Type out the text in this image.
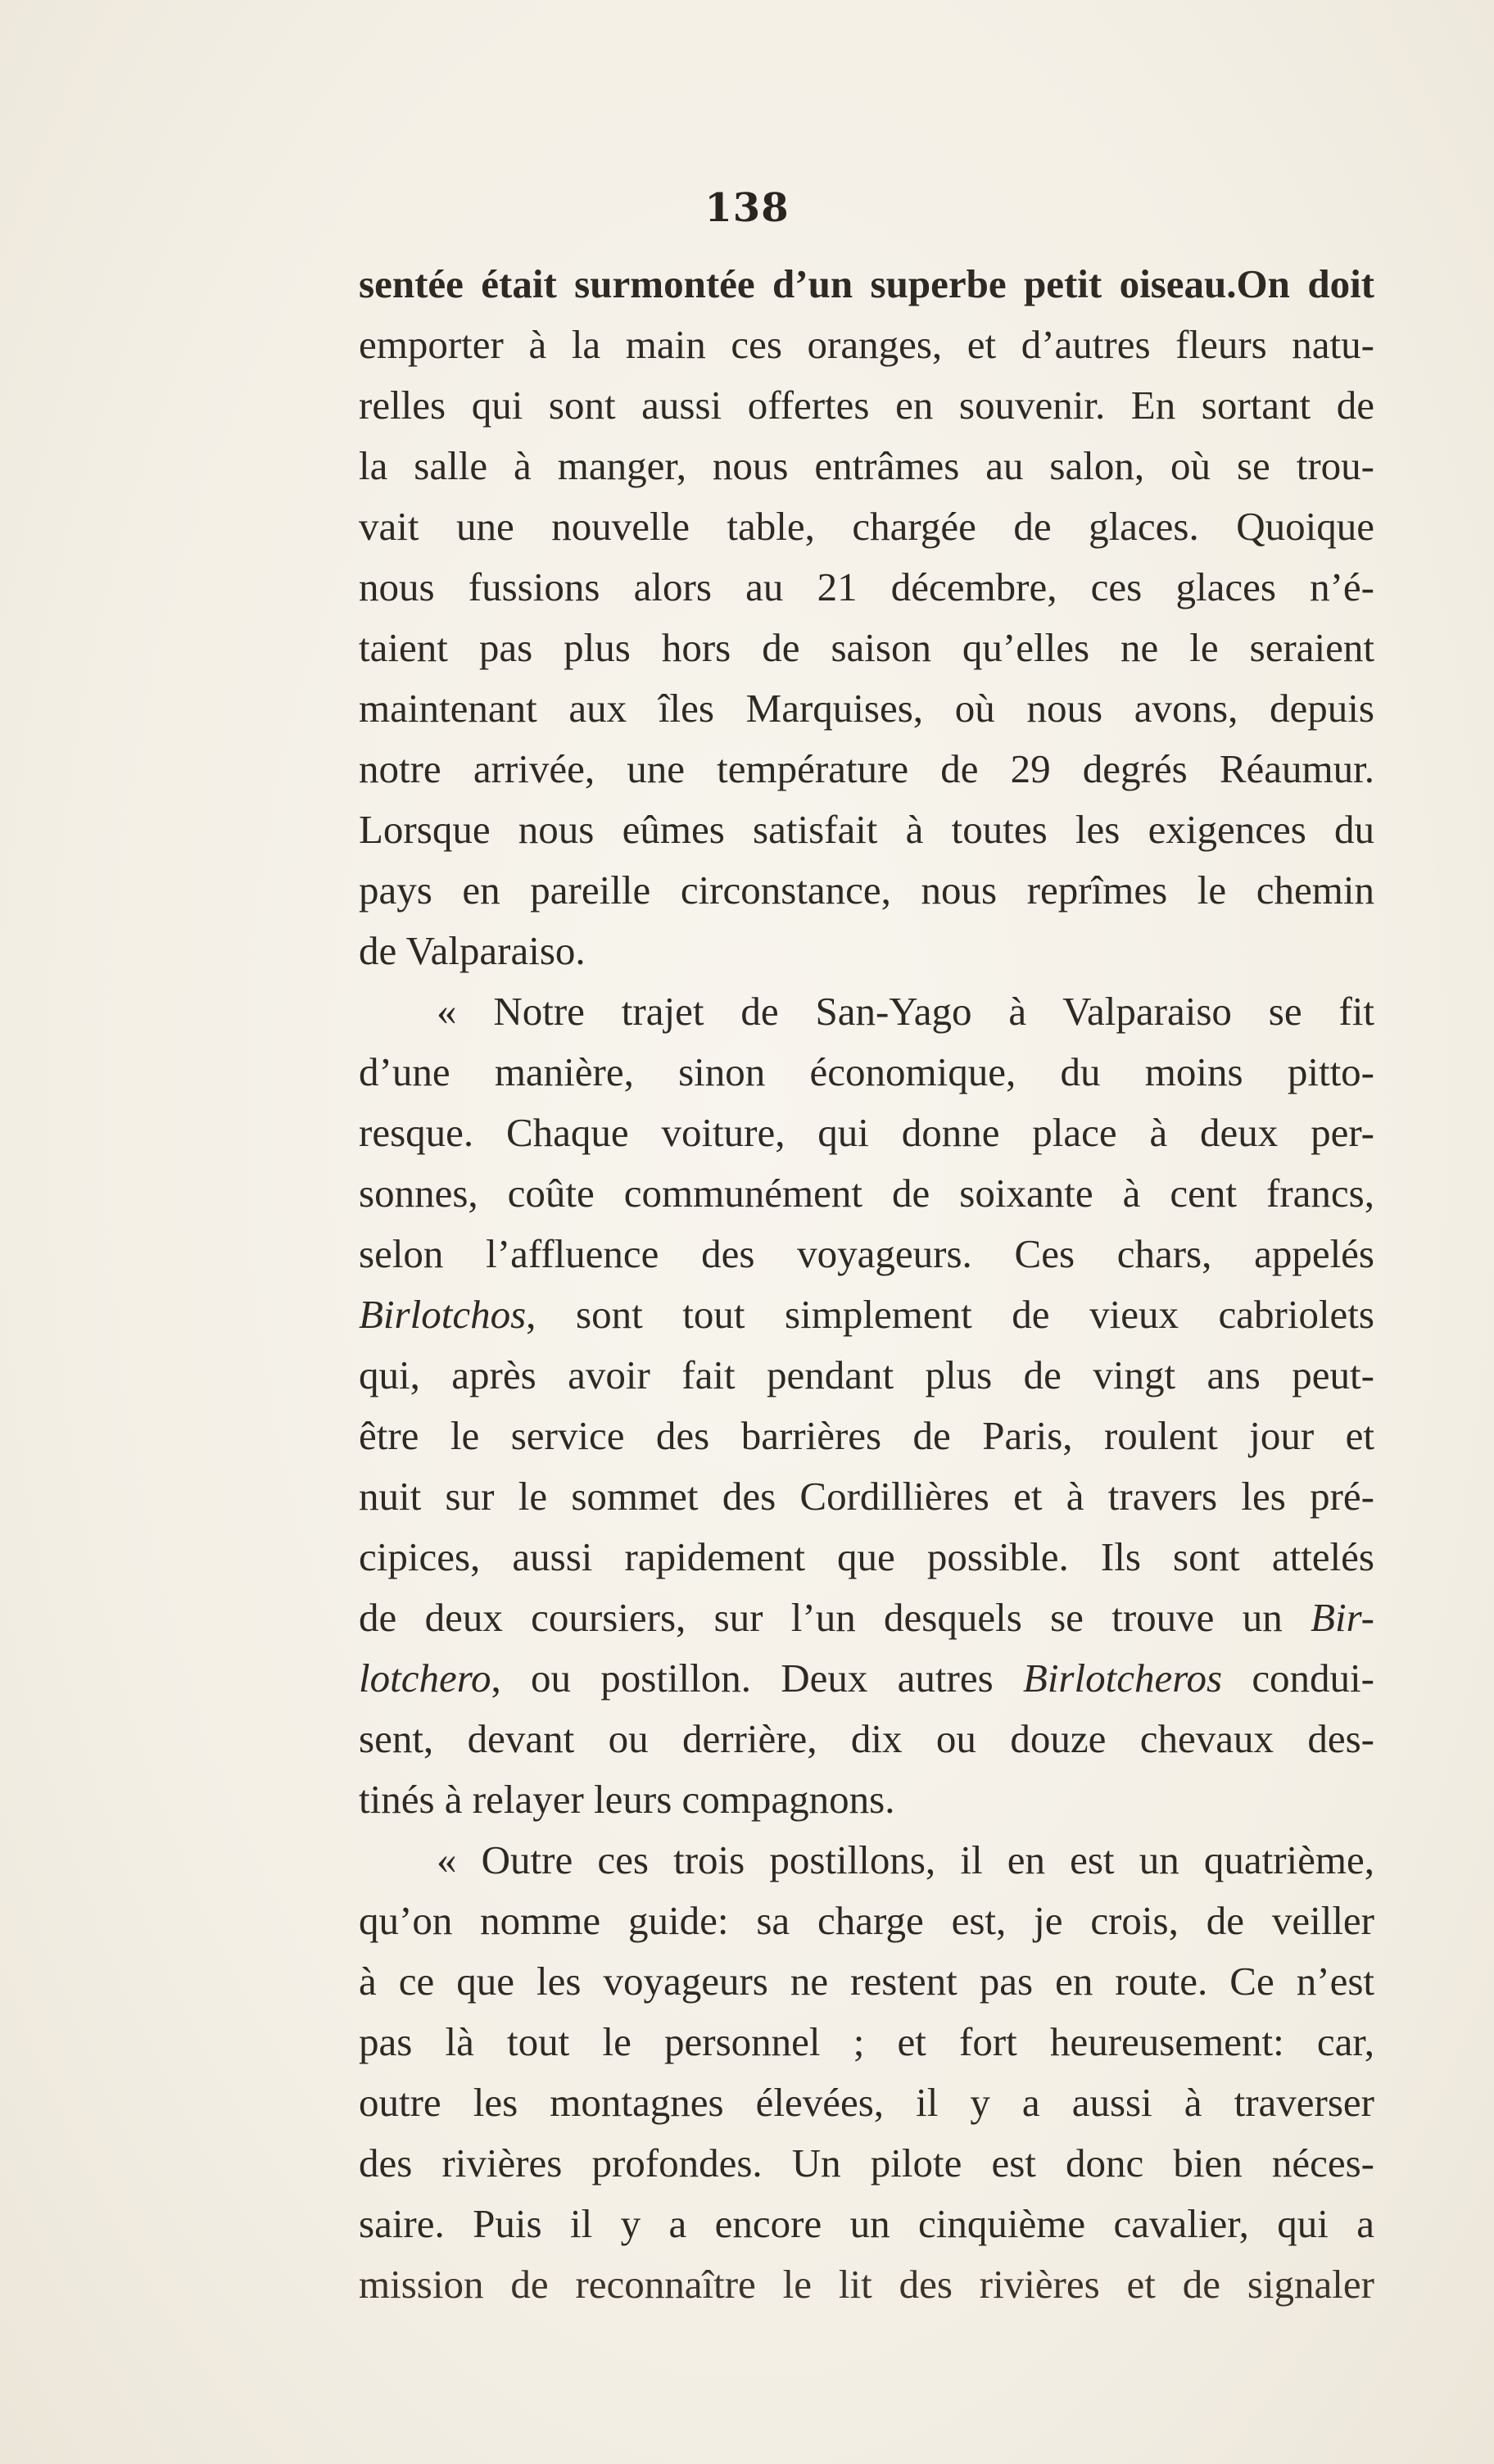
138
sentée était surmontée d’un superbe petit oiseau.On doit
emporter à la main ces oranges, et d’autres fleurs natu-
relles qui sont aussi offertes en souvenir. En sortant de
la salle à manger, nous entrâmes au salon, où se trou-
vait une nouvelle table, chargée de glaces. Quoique
nous fussions alors au 21 décembre, ces glaces n’é-
taient pas plus hors de saison qu’elles ne le seraient
maintenant aux îles Marquises, où nous avons, depuis
notre arrivée, une température de 29 degrés Réaumur.
Lorsque nous eûmes satisfait à toutes les exigences du
pays en pareille circonstance, nous reprîmes le chemin
de Valparaiso.
« Notre trajet de San-Yago à Valparaiso se fit
d’une manière, sinon économique, du moins pitto-
resque. Chaque voiture, qui donne place à deux per-
sonnes, coûte communément de soixante à cent francs,
selon l’affluence des voyageurs. Ces chars, appelés
Birlotchos, sont tout simplement de vieux cabriolets
qui, après avoir fait pendant plus de vingt ans peut-
être le service des barrières de Paris, roulent jour et
nuit sur le sommet des Cordillières et à travers les pré-
cipices, aussi rapidement que possible. Ils sont attelés
de deux coursiers, sur l’un desquels se trouve un Bir-
lotchero, ou postillon. Deux autres Birlotcheros condui-
sent, devant ou derrière, dix ou douze chevaux des-
tinés à relayer leurs compagnons.
« Outre ces trois postillons, il en est un quatrième,
qu’on nomme guide: sa charge est, je crois, de veiller
à ce que les voyageurs ne restent pas en route. Ce n’est
pas là tout le personnel ; et fort heureusement: car,
outre les montagnes élevées, il y a aussi à traverser
des rivières profondes. Un pilote est donc bien néces-
saire. Puis il y a encore un cinquième cavalier, qui a
mission de reconnaître le lit des rivières et de signaler
